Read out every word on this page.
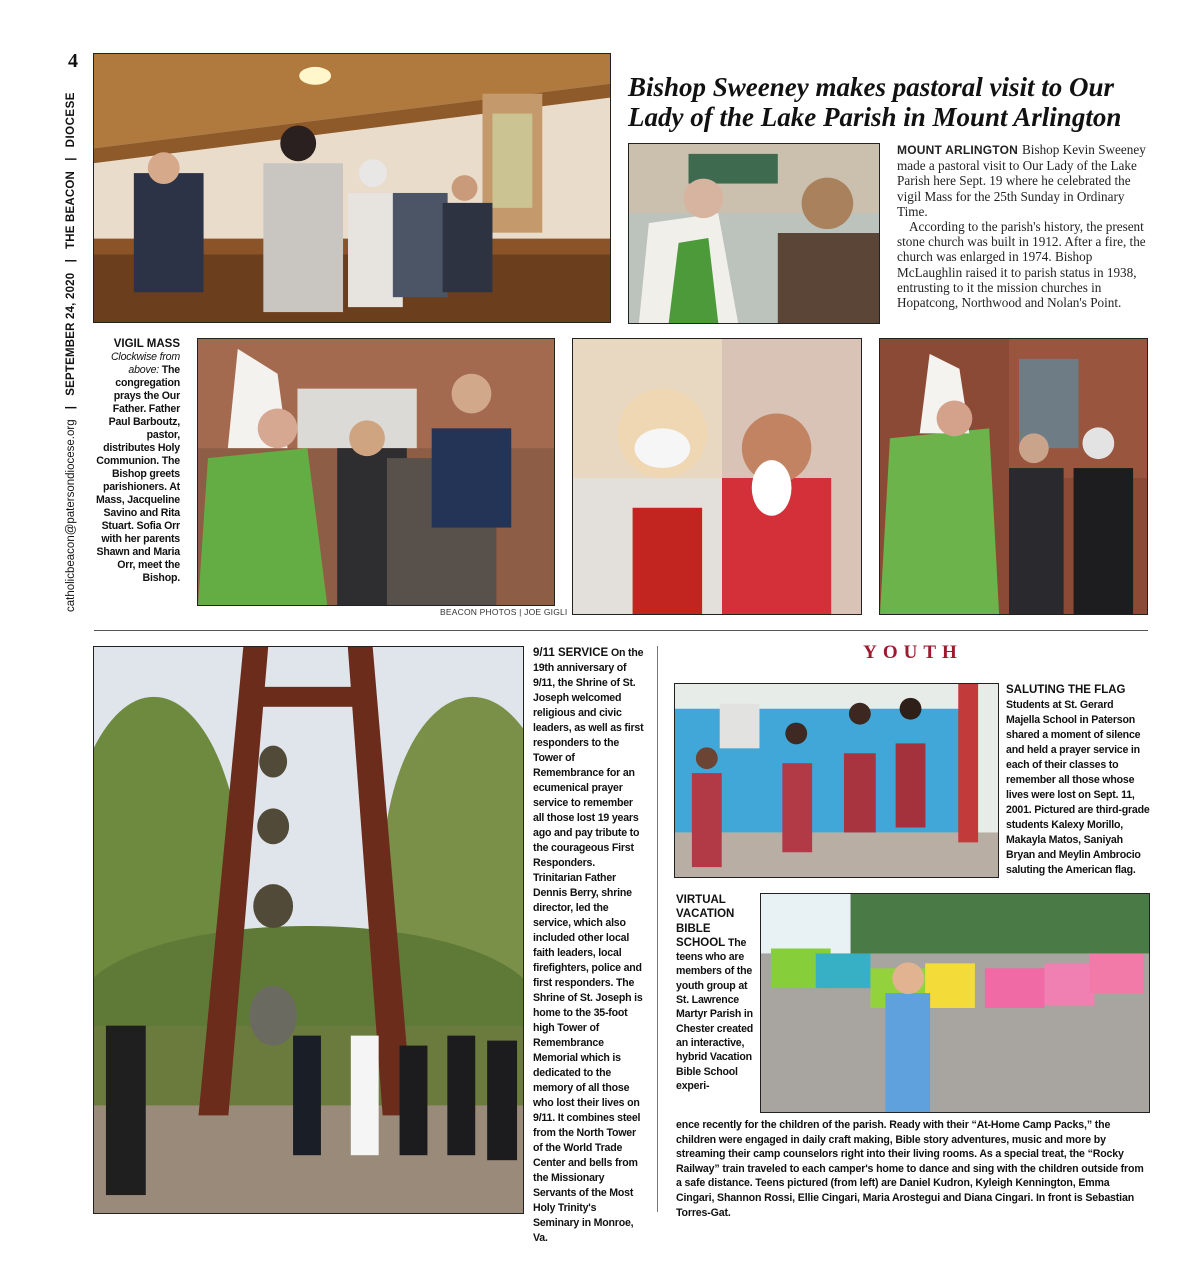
4
catholicbeacon@patersondiocese.org
|
SEPTEMBER 24, 2020
|
THE BEACON
|
DIOCESE
Bishop Sweeney makes pastoral visit to Our Lady of the Lake Parish in Mount Arlington

MOUNT ARLINGTON Bishop Kevin Sweeney made a pastoral visit to Our Lady of the Lake Parish here Sept. 19 where he celebrated the vigil Mass for the 25th Sunday in Ordinary Time.

According to the parish's history, the present stone church was built in 1912. After a fire, the church was enlarged in 1974. Bishop McLaughlin raised it to parish status in 1938, entrusting to it the mission churches in Hopatcong, Northwood and Nolan's Point.

VIGIL MASS
Clockwise from above: The congregation prays the Our Father. Father Paul Barboutz, pastor, distributes Holy Communion. The Bishop greets parishioners. At Mass, Jacqueline Savino and Rita Stuart. Sofia Orr with her parents Shawn and Maria Orr, meet the Bishop.
BEACON PHOTOS | JOE GIGLI
9/11 SERVICE On the 19th anniversary of 9/11, the Shrine of St. Joseph welcomed religious and civic leaders, as well as first responders to the Tower of Remembrance for an ecumenical prayer service to remember all those lost 19 years ago and pay tribute to the courageous First Responders. Trinitarian Father Dennis Berry, shrine director, led the service, which also included other local faith leaders, local firefighters, police and first responders. The Shrine of St. Joseph is home to the 35-foot high Tower of Remembrance Memorial which is dedicated to the memory of all those who lost their lives on 9/11. It combines steel from the North Tower of the World Trade Center and bells from the Missionary Servants of the Most Holy Trinity's Seminary in Monroe, Va.
YOUTH
SALUTING THE FLAG
Students at St. Gerard Majella School in Paterson shared a moment of silence and held a prayer service in each of their classes to remember all those whose lives were lost on Sept. 11, 2001. Pictured are third-grade students Kalexy Morillo, Makayla Matos, Saniyah Bryan and Meylin Ambrocio saluting the American flag.
VIRTUAL VACATION BIBLE SCHOOL The teens who are members of the youth group at St. Lawrence Martyr Parish in Chester created an interactive, hybrid Vacation Bible School experi-
ence recently for the children of the parish. Ready with their “At-Home Camp Packs,” the children were engaged in daily craft making, Bible story adventures, music and more by streaming their camp counselors right into their living rooms. As a special treat, the “Rocky Railway” train traveled to each camper's home to dance and sing with the children outside from a safe distance. Teens pictured (from left) are Daniel Kudron, Kyleigh Kennington, Emma Cingari, Shannon Rossi, Ellie Cingari, Maria Arostegui and Diana Cingari. In front is Sebastian Torres-Gat.
